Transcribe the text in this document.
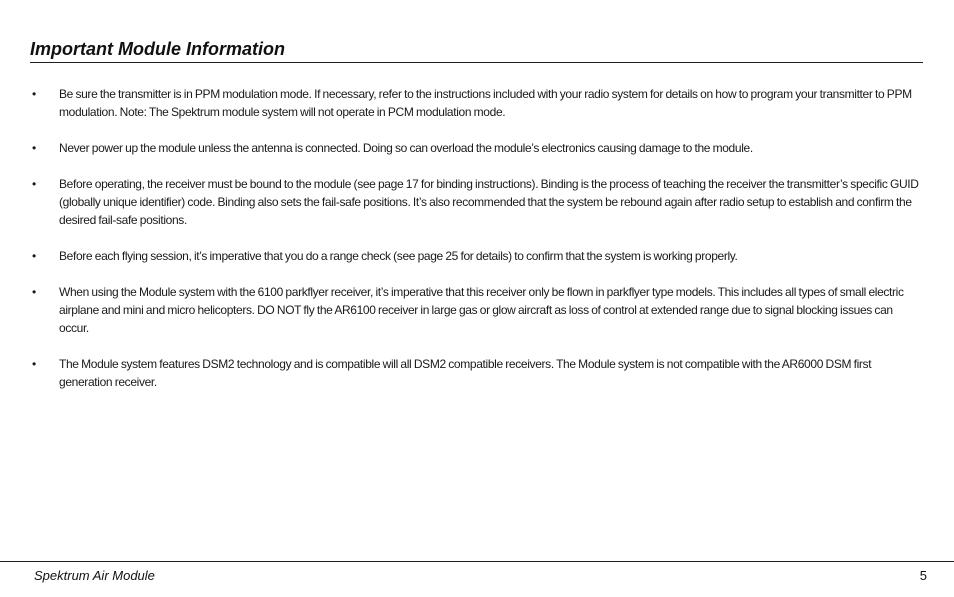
Important Module Information
• Be sure the transmitter is in PPM modulation mode. If necessary, refer to the instructions included with your radio system for details on how to program your transmitter to PPM modulation. Note: The Spektrum module system will not operate in PCM modulation mode.
• Never power up the module unless the antenna is connected. Doing so can overload the module’s electronics causing damage to the module.
• Before operating, the receiver must be bound to the module (see page 17 for binding instructions). Binding is the process of teaching the receiver the transmitter’s specific GUID (globally unique identifier) code. Binding also sets the fail-safe positions. It’s also recommended that the system be rebound again after radio setup to establish and confirm the desired fail-safe positions.
• Before each flying session, it’s imperative that you do a range check (see page 25 for details) to confirm that the system is working properly.
• When using the Module system with the 6100 parkflyer receiver, it’s imperative that this receiver only be flown in parkflyer type models. This includes all types of small electric airplane and mini and micro helicopters. DO NOT fly the AR6100 receiver in large gas or glow aircraft as loss of control at extended range due to signal blocking issues can occur.
• The Module system features DSM2 technology and is compatible will all DSM2 compatible receivers. The Module system is not compatible with the AR6000 DSM first generation receiver.
Spektrum Air Module	5
